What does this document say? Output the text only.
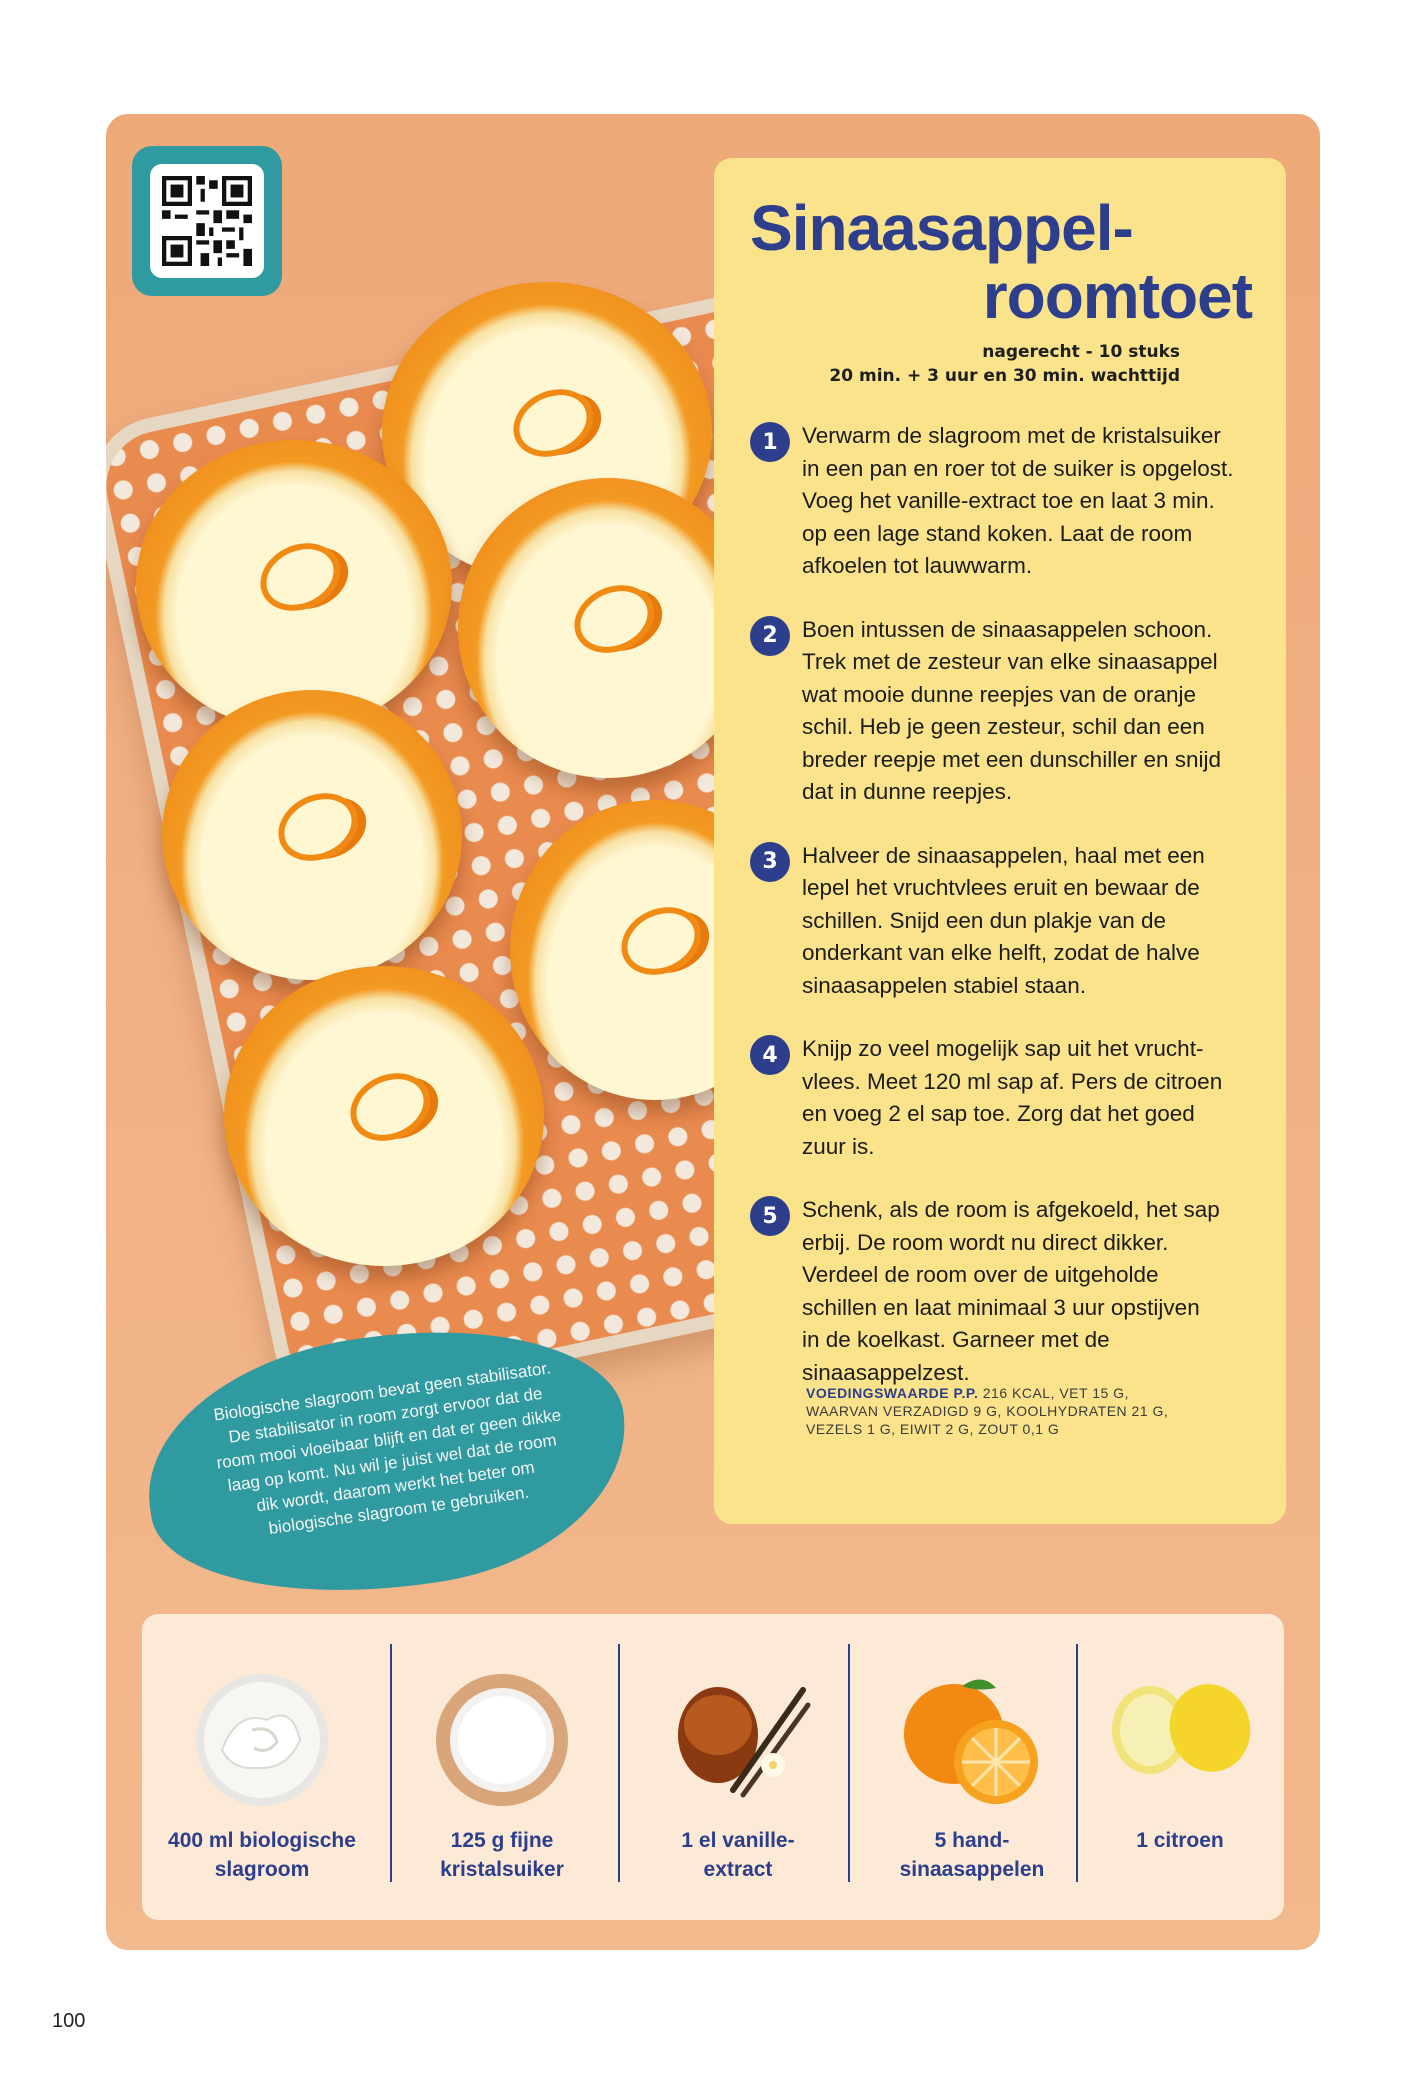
Sinaasappel-
roomtoet
nagerecht - 10 stuks
20 min. + 3 uur en 30 min. wachttijd
1	Verwarm de slagroom met de kristalsuiker
in een pan en roer tot de suiker is opgelost.
Voeg het vanille-extract toe en laat 3 min.
op een lage stand koken. Laat de room
afkoelen tot lauwwarm.
2	Boen intussen de sinaasappelen schoon.
Trek met de zesteur van elke sinaasappel
wat mooie dunne reepjes van de oranje
schil. Heb je geen zesteur, schil dan een
breder reepje met een dunschiller en snijd
dat in dunne reepjes.
3	Halveer de sinaasappelen, haal met een
lepel het vruchtvlees eruit en bewaar de
schillen. Snijd een dun plakje van de
onderkant van elke helft, zodat de halve
sinaasappelen stabiel staan.
4	Knijp zo veel mogelijk sap uit het vrucht-
vlees. Meet 120 ml sap af. Pers de citroen
en voeg 2 el sap toe. Zorg dat het goed
zuur is.
5	Schenk, als de room is afgekoeld, het sap
erbij. De room wordt nu direct dikker.
Verdeel de room over de uitgeholde
schillen en laat minimaal 3 uur opstijven
in de koelkast. Garneer met de
sinaasappelzest.
VOEDINGSWAARDE P.P. 216 KCAL, VET 15 G,
WAARVAN VERZADIGD 9 G, KOOLHYDRATEN 21 G,
VEZELS 1 G, EIWIT 2 G, ZOUT 0,1 G
Biologische slagroom bevat geen stabilisator.
De stabilisator in room zorgt ervoor dat de
room mooi vloeibaar blijft en dat er geen dikke
laag op komt. Nu wil je juist wel dat de room
dik wordt, daarom werkt het beter om
biologische slagroom te gebruiken.
400 ml biologische
slagroom
125 g fijne
kristalsuiker
1 el vanille-
extract
5 hand-
sinaasappelen
1 citroen
100
